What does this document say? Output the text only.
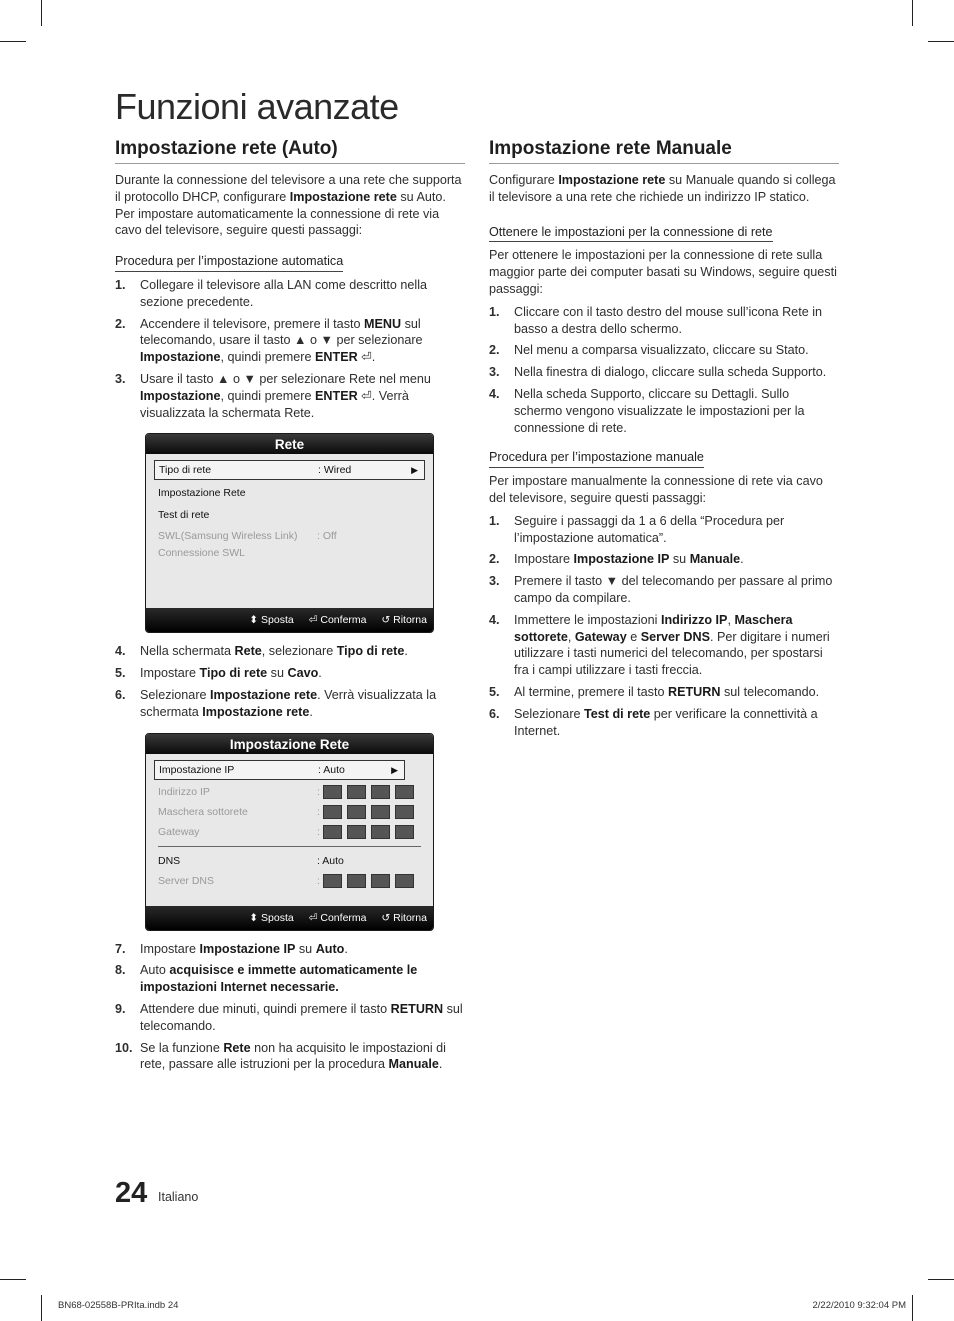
Funzioni avanzate
Impostazione rete (Auto)

Durante la connessione del televisore a una rete che supporta il protocollo DHCP, configurare Impostazione rete su Auto. Per impostare automaticamente la connessione di rete via cavo del televisore, seguire questi passaggi:

Procedura per l’impostazione automatica
1. Collegare il televisore alla LAN come descritto nella sezione precedente.
2. Accendere il televisore, premere il tasto MENU sul telecomando, usare il tasto ▲ o ▼ per selezionare Impostazione, quindi premere ENTER ⏎.
3. Usare il tasto ▲ o ▼ per selezionare Rete nel menu Impostazione, quindi premere ENTER ⏎. Verrà visualizzata la schermata Rete.
Rete
Tipo di rete	: Wired	▶
Impostazione Rete
Test di rete
SWL(Samsung Wireless Link) : Off
Connessione SWL
⬍ Sposta ⏎ Conferma ↺ Ritorna
4. Nella schermata Rete, selezionare Tipo di rete.
5. Impostare Tipo di rete su Cavo.
6. Selezionare Impostazione rete. Verrà visualizzata la schermata Impostazione rete.
Impostazione Rete
Impostazione IP	: Auto	▶
Indirizzo IP	:
Maschera sottorete	:
Gateway	:
DNS	: Auto
Server DNS	:
⬍ Sposta ⏎ Conferma ↺ Ritorna
7. Impostare Impostazione IP su Auto.
8. Auto acquisisce e immette automaticamente le impostazioni Internet necessarie.
9. Attendere due minuti, quindi premere il tasto RETURN sul telecomando.
10. Se la funzione Rete non ha acquisito le impostazioni di rete, passare alle istruzioni per la procedura Manuale.
Impostazione rete Manuale

Configurare Impostazione rete su Manuale quando si collega il televisore a una rete che richiede un indirizzo IP statico.

Ottenere le impostazioni per la connessione di rete

Per ottenere le impostazioni per la connessione di rete sulla maggior parte dei computer basati su Windows, seguire questi passaggi:

1. Cliccare con il tasto destro del mouse sull’icona Rete in basso a destra dello schermo.
2. Nel menu a comparsa visualizzato, cliccare su Stato.
3. Nella finestra di dialogo, cliccare sulla scheda Supporto.
4. Nella scheda Supporto, cliccare su Dettagli. Sullo schermo vengono visualizzate le impostazioni per la connessione di rete.
Procedura per l’impostazione manuale

Per impostare manualmente la connessione di rete via cavo del televisore, seguire questi passaggi:

1. Seguire i passaggi da 1 a 6 della “Procedura per l’impostazione automatica”.
2. Impostare Impostazione IP su Manuale.
3. Premere il tasto ▼ del telecomando per passare al primo campo da compilare.
4. Immettere le impostazioni Indirizzo IP, Maschera sottorete, Gateway e Server DNS. Per digitare i numeri utilizzare i tasti numerici del telecomando, per spostarsi fra i campi utilizzare i tasti freccia.
5. Al termine, premere il tasto RETURN sul telecomando.
6. Selezionare Test di rete per verificare la connettività a Internet.
24 Italiano
BN68-02558B-PRIta.indb 24	2/22/2010 9:32:04 PM
